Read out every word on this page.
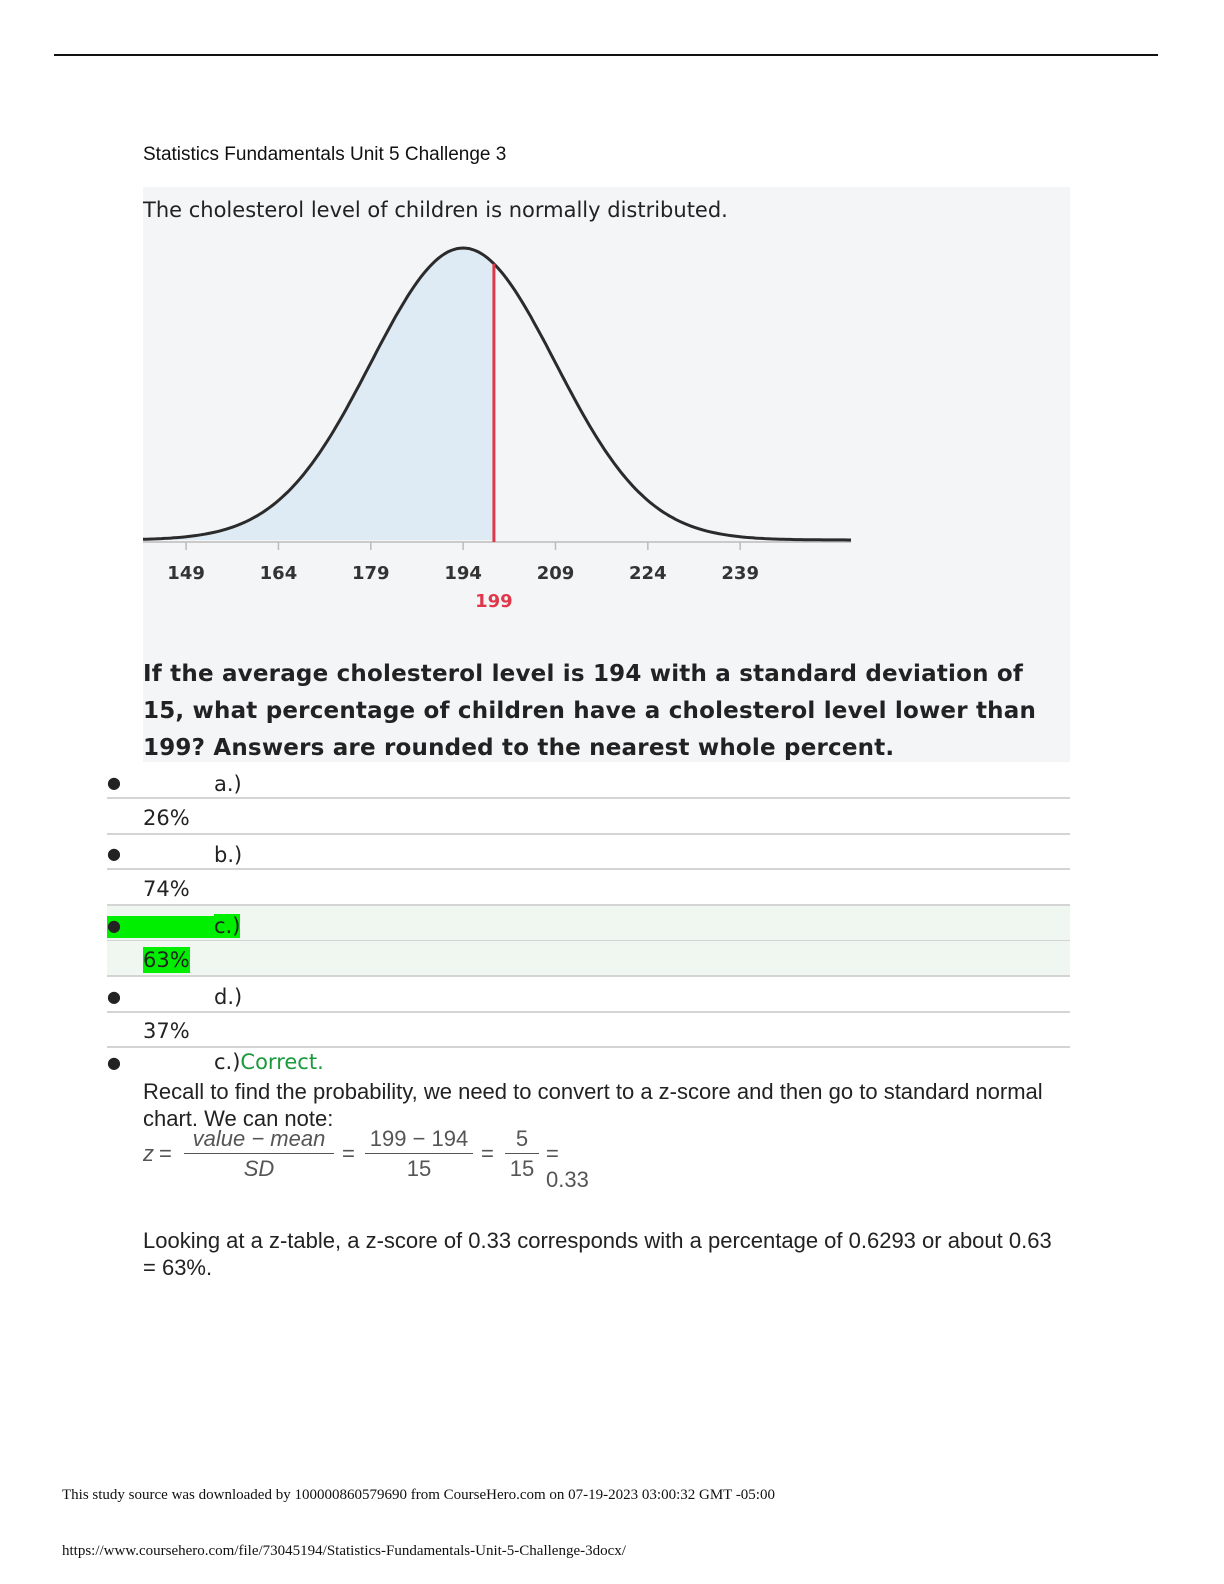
Statistics Fundamentals Unit 5 Challenge 3
The cholesterol level of children is normally distributed.
149	164	179	194	209	224	239
199
If the average cholesterol level is 194 with a standard deviation of 15, what percentage of children have a cholesterol level lower than 199? Answers are rounded to the nearest whole percent.
●	a.)
26%
●	b.)
74%
●	c.)
63%
●	d.)
37%
●	c.)Correct.
Recall to find the probability, we need to convert to a z-score and then go to standard normal chart. We can note:
z =
value − mean
SD
= $\frac{199 - 194}{15} = \frac{5}{15} = 0.33$
Looking at a z-table, a z-score of 0.33 corresponds with a percentage of 0.6293 or about 0.63 = 63%.
This study source was downloaded by 100000860579690 from CourseHero.com on 07-19-2023 03:00:32 GMT -05:00
https://www.coursehero.com/file/73045194/Statistics-Fundamentals-Unit-5-Challenge-3docx/
